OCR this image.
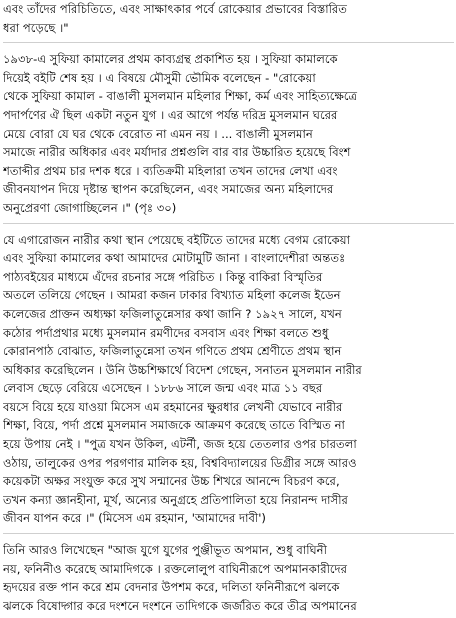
এবং তাঁদের পরিচিতিতে, এবং সাক্ষাৎকার পর্বে রোকেয়ার প্রভাবের বিস্তারিত
ধরা পড়েছে ।"
১৯৩৮-এ সুফিয়া কামালের প্রথম কাব্যগ্রন্থ প্রকাশিত হয় । সুফিয়া কামালকে
দিয়েই বইটি শেষ হয় । এ বিষয়ে মৌসুমী ভৌমিক বলেছেন - "রোকেয়া
থেকে সুফিয়া কামাল - বাঙালী মুসলমান মহিলার শিক্ষা, কর্ম এবং সাহিত্যক্ষেত্রে
পদার্পণের ঐ ছিল একটা নতুন যুগ । এর আগে পর্যন্ত দরিদ্র মুসলমান ঘরের
মেয়ে বোরা যে ঘর থেকে বেরোত না এমন নয় । ... বাঙালী মুসলমান
সমাজে নারীর অধিকার এবং মর্যাদার প্রশ্নগুলি বার বার উচ্চারিত হয়েছে বিংশ
শতাব্দীর প্রথম চার দশক ধরে । ব্যতিক্রমী মহিলারা তখন তাদের লেখা এবং
জীবনযাপন দিয়ে দৃষ্টান্ত স্থাপন করেছিলেন, এবং সমাজের অন্য মহিলাদের
অনুপ্রেরণা জোগাচ্ছিলেন ।" (পৃঃ ৩০)
যে এগারোজন নারীর কথা স্থান পেয়েছে বইটিতে তাদের মধ্যে বেগম রোকেয়া
এবং সুফিয়া কামালের কথা আমাদের মোটামুটি জানা । বাংলাদেশীরা অন্ততঃ
পাঠ্যবইয়ের মাধ্যমে এঁদের রচনার সঙ্গে পরিচিত । কিন্তু বাকিরা বিস্মৃতির
অতলে তলিয়ে গেছেন । আমরা কজন ঢাকার বিখ্যাত মহিলা কলেজ ইডেন
কলেজের প্রাক্তন অধ্যক্ষা ফজিলাতুন্নেসার কথা জানি ? ১৯২৭ সালে, যখন
কঠোর পর্দাপ্রথার মধ্যে মুসলমান রমণীদের বসবাস এবং শিক্ষা বলতে শুধু
কোরানপাঠ বোঝাত, ফজিলাতুন্নেসা তখন গণিতে প্রথম শ্রেণীতে প্রথম স্থান
অধিকার করেছিলেন । উনি উচ্চশিক্ষার্থে বিদেশ গেছেন, সনাতন মুসলমান নারীর
লেবাস ছেড়ে বেরিয়ে এসেছেন । ১৮৮৬ সালে জন্ম এবং মাত্র ১১ বছর
বয়সে বিয়ে হয়ে যাওয়া মিসেস এম রহমানের ক্ষুরধার লেখনী যেভাবে নারীর
শিক্ষা, বিয়ে, পর্দা প্রশ্নে মুসলমান সমাজকে আক্রমণ করেছে তাতে বিস্মিত না
হয়ে উপায় নেই । "পুত্র যখন উকিল, এটর্নী, জজ হয়ে তেতলার ওপর চারতলা
ওঠায়, তালুকের ওপর পরগণার মালিক হয়, বিশ্ববিদ্যালয়ের ডিগ্রীর সঙ্গে আরও
কয়েকটা অক্ষর সংযুক্ত করে সুখ সন্মানের উচ্চ শিখরে আনন্দে বিচরণ করে,
তখন কন্যা জ্ঞানহীনা, মূর্খ, অন্যের অনুগ্রহে প্রতিপালিতা হয়ে নিরানন্দ দাসীর
জীবন যাপন করে ।" (মিসেস এম রহমান, 'আমাদের দাবী')
তিনি আরও লিখেছেন "আজ যুগে যুগের পুঞ্জীভূত অপমান, শুধু বাঘিনী
নয়, ফনিনীও করেছে আমাদিগকে । রক্তলোলুপ বাঘিনীরূপে অপমানকারীদের
হৃদয়ের রক্ত পান করে শ্রম বেদনার উপশম করে, দলিতা ফনিনীরূপে ঝলকে
ঝলকে বিষোদ্গার করে দংশনে দংশনে তাদিগকে জর্জরিত করে তীব্র অপমানের
